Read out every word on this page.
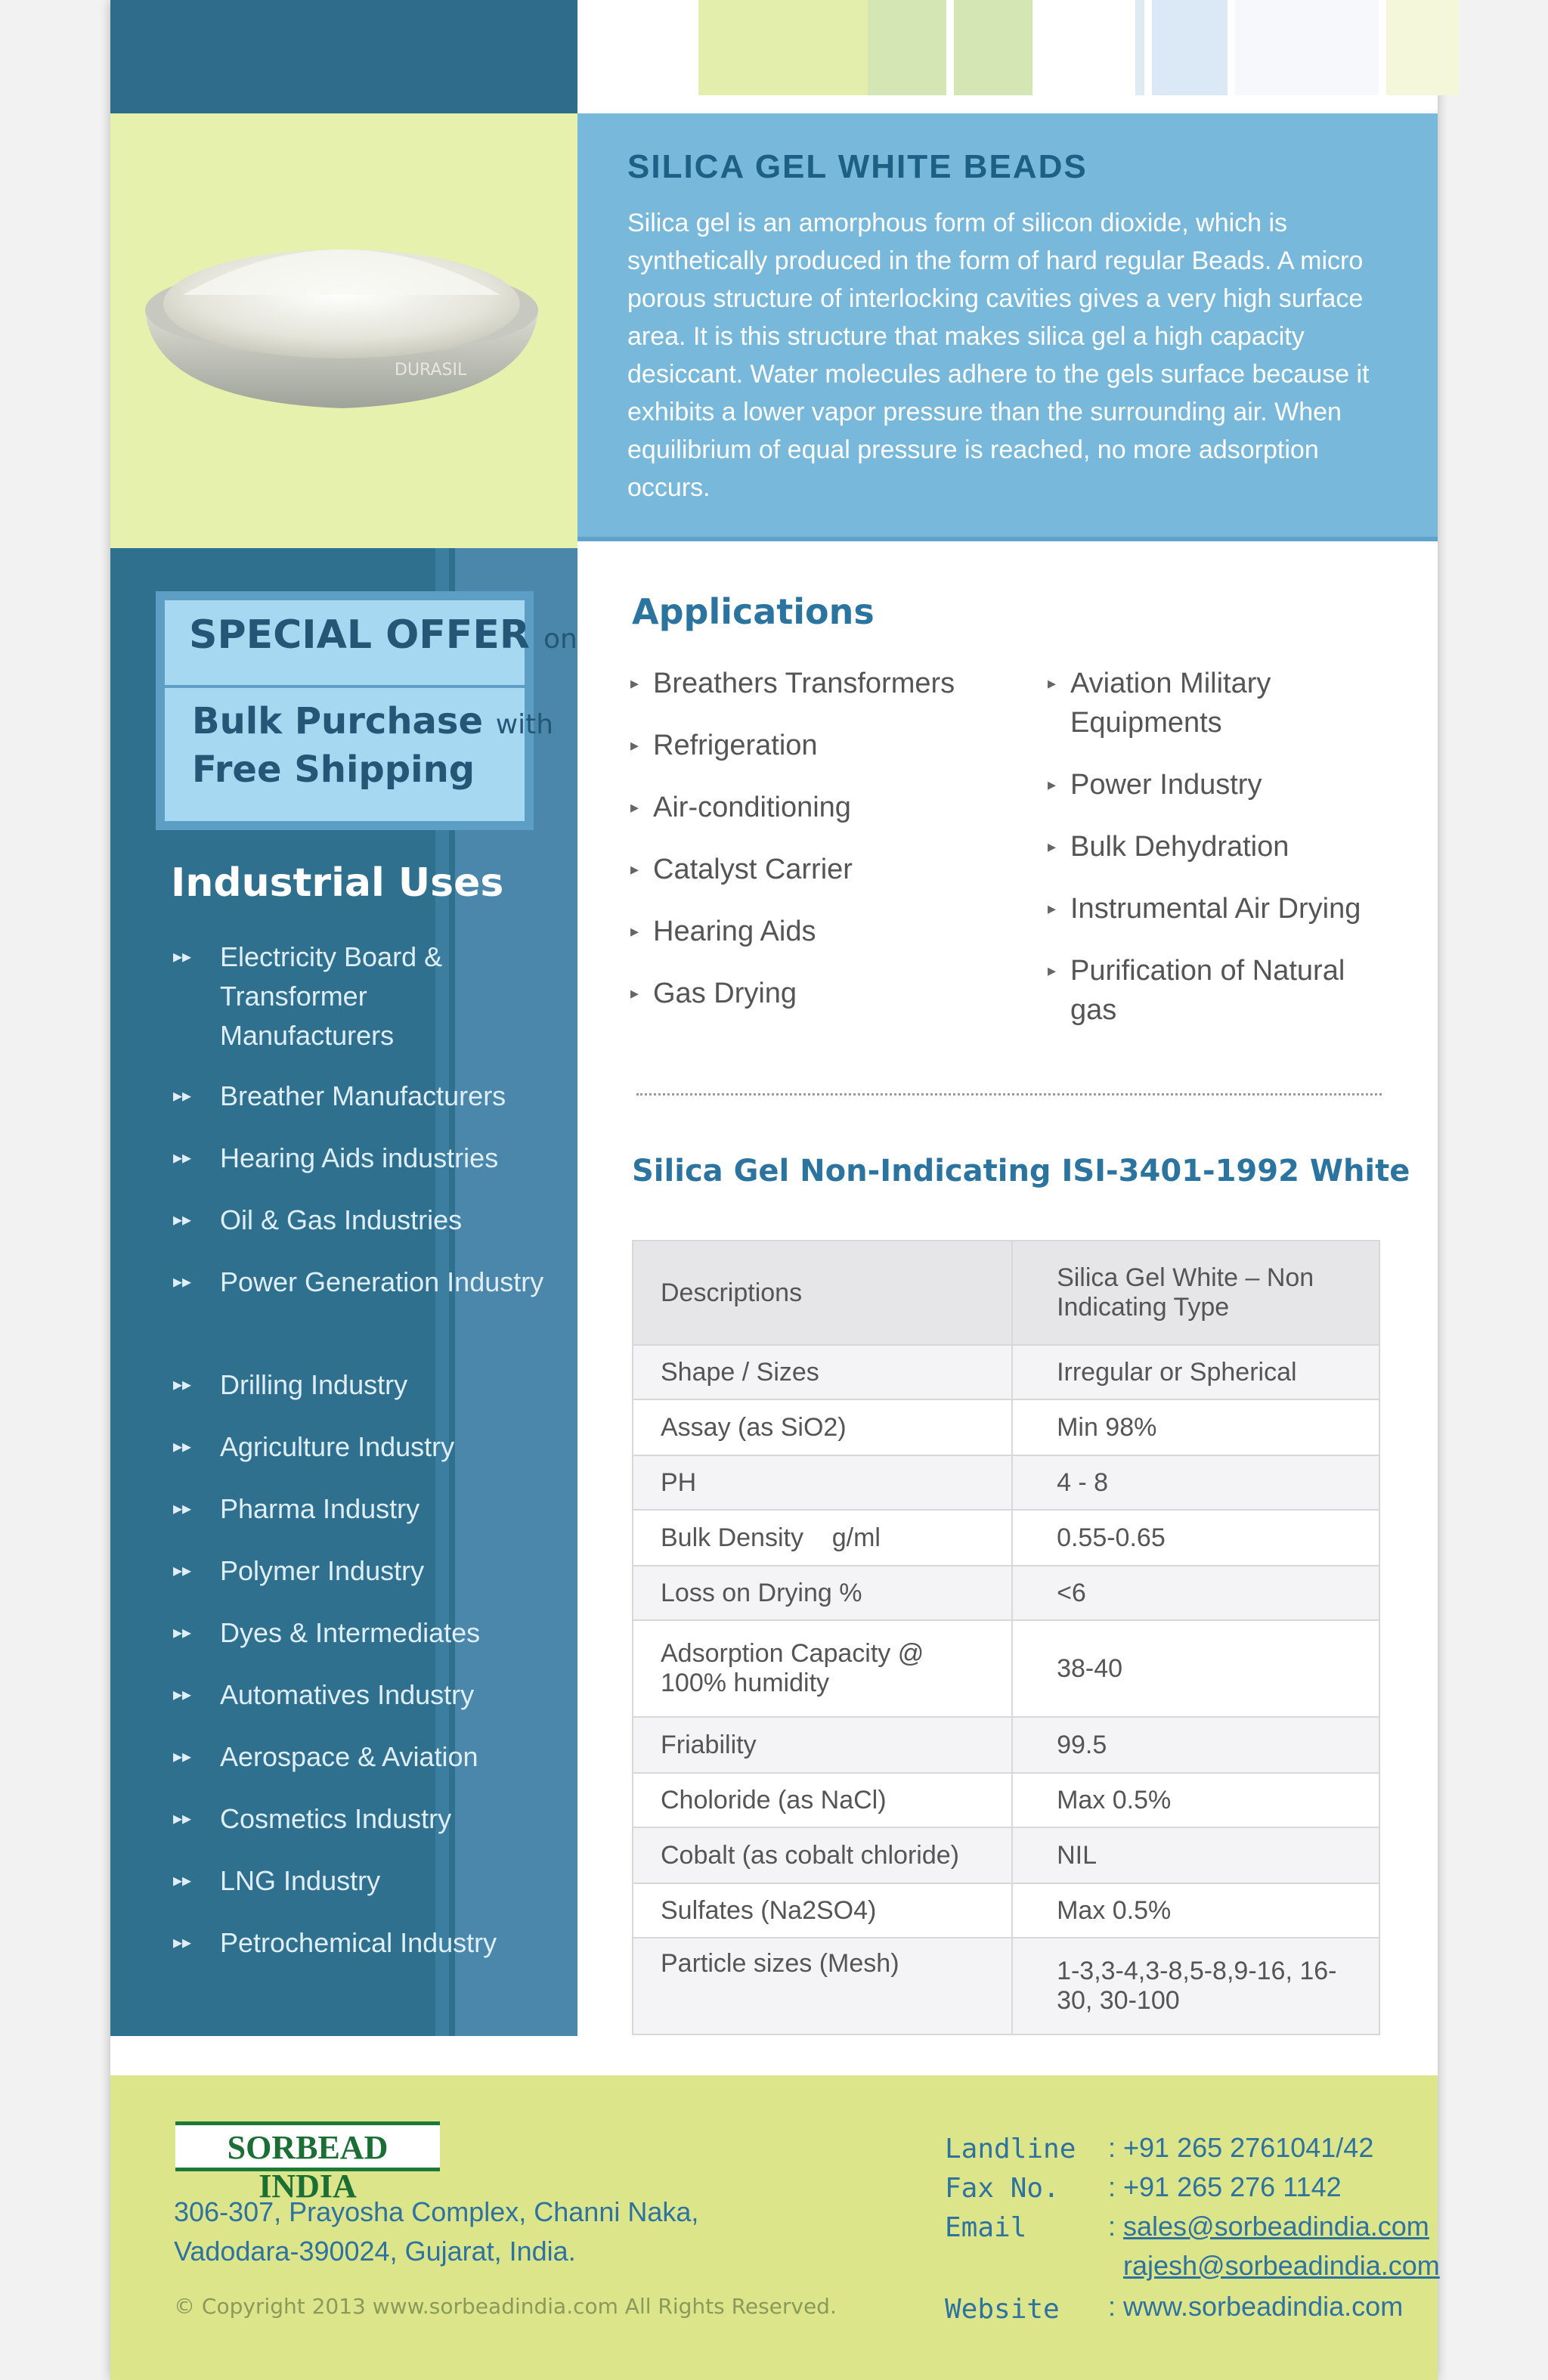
DURASIL
SILICA GEL WHITE BEADS
Silica gel is an amorphous form of silicon dioxide, which is synthetically produced in the form of hard regular Beads. A micro porous structure of interlocking cavities gives a very high surface area. It is this structure that makes silica gel a high capacity desiccant. Water molecules adhere to the gels surface because it exhibits a lower vapor pressure than the surrounding air. When equilibrium of equal pressure is reached, no more adsorption occurs.
SPECIAL OFFER on
Bulk Purchase with
Free Shipping
Industrial Uses
▸▸ Electricity Board & Transformer Manufacturers
▸▸ Breather Manufacturers
▸▸ Hearing Aids industries
▸▸ Oil & Gas Industries
▸▸ Power Generation Industry
▸▸ Drilling Industry
▸▸ Agriculture Industry
▸▸ Pharma Industry
▸▸ Polymer Industry
▸▸ Dyes & Intermediates
▸▸ Automatives Industry
▸▸ Aerospace & Aviation
▸▸ Cosmetics Industry
▸▸ LNG Industry
▸▸ Petrochemical Industry
Applications
▸ Breathers Transformers
▸ Refrigeration
▸ Air-conditioning
▸ Catalyst Carrier
▸ Hearing Aids
▸ Gas Drying
▸ Aviation Military Equipments
▸ Power Industry
▸ Bulk Dehydration
▸ Instrumental Air Drying
▸ Purification of Natural gas
Silica Gel Non-Indicating ISI-3401-1992 White
Descriptions	Silica Gel White – Non Indicating Type
Shape / Sizes	Irregular or Spherical
Assay (as SiO2)	Min 98%
PH	4 - 8
Bulk Density    g/ml	0.55-0.65
Loss on Drying %	<6
Adsorption Capacity @ 100% humidity	38-40
Friability	99.5
Choloride (as NaCl)	Max 0.5%
Cobalt (as cobalt chloride)	NIL
Sulfates (Na2SO4)	Max 0.5%
Particle sizes (Mesh)	1-3,3-4,3-8,5-8,9-16, 16-30, 30-100
SORBEAD INDIA
306-307, Prayosha Complex, Channi Naka,
Vadodara-390024, Gujarat, India.
© Copyright 2013 www.sorbeadindia.com All Rights Reserved.
Landline : +91 265 2761041/42
Fax No. : +91 265 276 1142
Email	: sales@sorbeadindia.com
rajesh@sorbeadindia.com
Website : www.sorbeadindia.com
